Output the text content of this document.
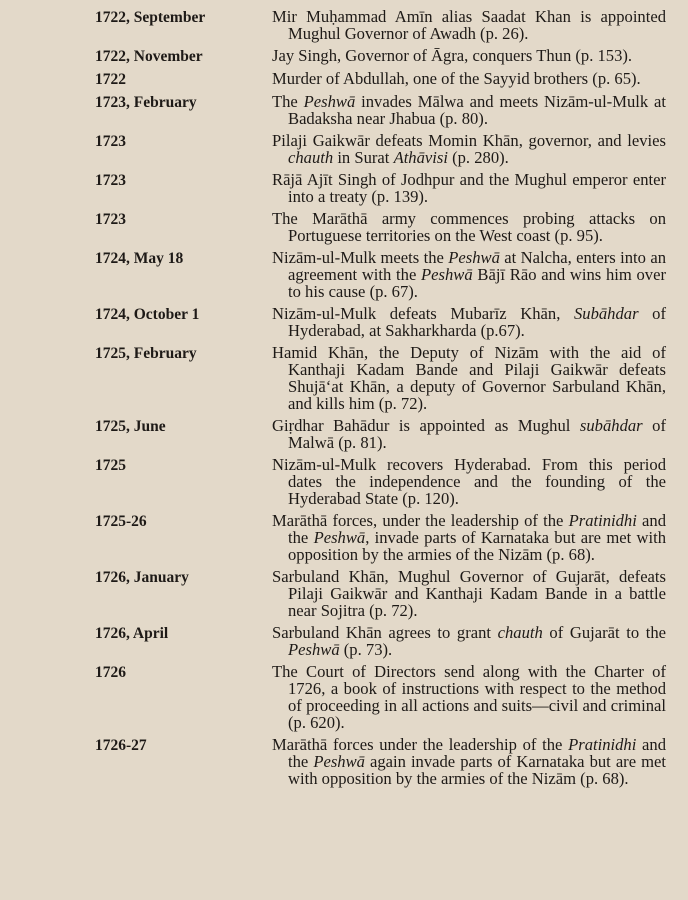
1722, September	Mir Muḥammad Amīn alias Saadat Khan is appointed Mughul Governor of Awadh (p. 26).
1722, November	Jay Singh, Governor of Āgra, conquers Thun (p. 153).
1722	Murder of Abdullah, one of the Sayyid brothers (p. 65).
1723, February	The Peshwā invades Mālwa and meets Nizām-ul-Mulk at Badaksha near Jhabua (p. 80).
1723	Pilaji Gaikwār defeats Momin Khān, governor, and levies chauth in Surat Athāvisi (p. 280).
1723	Rājā Ajīt Singh of Jodhpur and the Mughul emperor enter into a treaty (p. 139).
1723	The Marāthā army commences probing attacks on Portuguese territories on the West coast (p. 95).
1724, May 18	Nizām-ul-Mulk meets the Peshwā at Nalcha, enters into an agreement with the Peshwā Bājī Rāo and wins him over to his cause (p. 67).
1724, October 1	Nizām-ul-Mulk defeats Mubarīz Khān, Subāhdar of Hyderabad, at Sakharkharda (p.67).
1725, February	Hamid Khān, the Deputy of Nizām with the aid of Kanthaji Kadam Bande and Pilaji Gaikwār defeats Shujā‘at Khān, a deputy of Governor Sarbuland Khān, and kills him (p. 72).
1725, June	Giṛdhar Bahādur is appointed as Mughul subāhdar of Malwā (p. 81).
1725	Nizām-ul-Mulk recovers Hyderabad. From this period dates the independence and the founding of the Hyderabad State (p. 120).
1725-26	Marāthā forces, under the leadership of the Pratinidhi and the Peshwā, invade parts of Karnataka but are met with opposition by the armies of the Nizām (p. 68).
1726, January	Sarbuland Khān, Mughul Governor of Gujarāt, defeats Pilaji Gaikwār and Kanthaji Kadam Bande in a battle near Sojitra (p. 72).
1726, April	Sarbuland Khān agrees to grant chauth of Gujarāt to the Peshwā (p. 73).
1726	The Court of Directors send along with the Charter of 1726, a book of instructions with respect to the method of proceeding in all actions and suits—civil and criminal (p. 620).
1726-27	Marāthā forces under the leadership of the Pratinidhi and the Peshwā again invade parts of Karnataka but are met with opposition by the armies of the Nizām (p. 68).
